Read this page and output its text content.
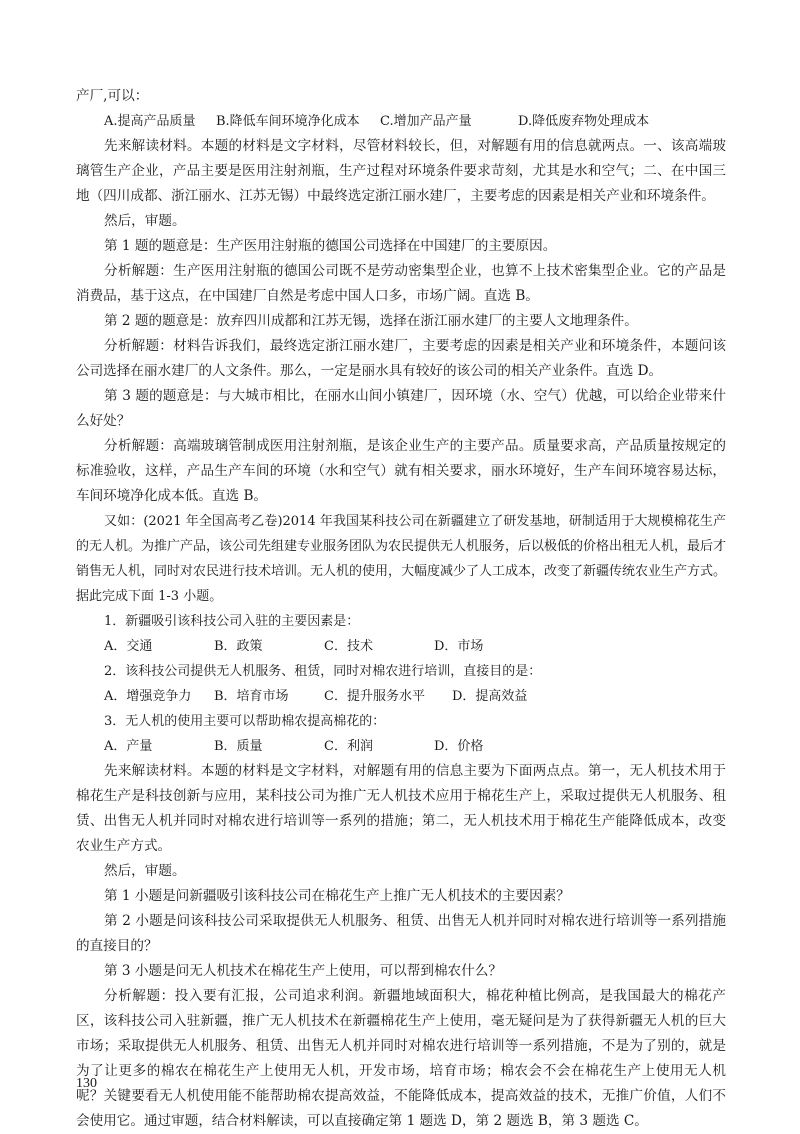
产厂,可以：

A.提高产品质量	B.降低车间环境净化成本	C.增加产品产量	D.降低废弃物处理成本

先来解读材料。本题的材料是文字材料，尽管材料较长，但，对解题有用的信息就两点。一、该高端玻璃管生产企业，产品主要是医用注射剂瓶，生产过程对环境条件要求苛刻，尤其是水和空气；二、在中国三地（四川成都、浙江丽水、江苏无锡）中最终选定浙江丽水建厂，主要考虑的因素是相关产业和环境条件。

然后，审题。

第 1 题的题意是：生产医用注射瓶的德国公司选择在中国建厂的主要原因。

分析解题：生产医用注射瓶的德国公司既不是劳动密集型企业，也算不上技术密集型企业。它的产品是消费品，基于这点，在中国建厂自然是考虑中国人口多，市场广阔。直选 B。

第 2 题的题意是：放弃四川成都和江苏无锡，选择在浙江丽水建厂的主要人文地理条件。

分析解题：材料告诉我们，最终选定浙江丽水建厂，主要考虑的因素是相关产业和环境条件，本题问该公司选择在丽水建厂的人文条件。那么，一定是丽水具有较好的该公司的相关产业条件。直选 D。

第 3 题的题意是：与大城市相比，在丽水山间小镇建厂，因环境（水、空气）优越，可以给企业带来什么好处？

分析解题：高端玻璃管制成医用注射剂瓶，是该企业生产的主要产品。质量要求高，产品质量按规定的标准验收，这样，产品生产车间的环境（水和空气）就有相关要求，丽水环境好，生产车间环境容易达标，车间环境净化成本低。直选 B。

又如：(2021 年全国高考乙卷)2014 年我国某科技公司在新疆建立了研发基地，研制适用于大规模棉花生产的无人机。为推广产品，该公司先组建专业服务团队为农民提供无人机服务，后以极低的价格出租无人机，最后才销售无人机，同时对农民进行技术培训。无人机的使用，大幅度减少了人工成本，改变了新疆传统农业生产方式。据此完成下面 1-3 小题。

1．新疆吸引该科技公司入驻的主要因素是：

A．交通	B．政策	C．技术	D．市场

2．该科技公司提供无人机服务、租赁，同时对棉农进行培训，直接目的是：

A．增强竞争力	B．培育市场	C．提升服务水平	D．提高效益

3．无人机的使用主要可以帮助棉农提高棉花的：

A．产量	B．质量	C．利润	D．价格

先来解读材料。本题的材料是文字材料，对解题有用的信息主要为下面两点点。第一，无人机技术用于棉花生产是科技创新与应用，某科技公司为推广无人机技术应用于棉花生产上，采取过提供无人机服务、租赁、出售无人机并同时对棉农进行培训等一系列的措施；第二，无人机技术用于棉花生产能降低成本，改变农业生产方式。

然后，审题。

第 1 小题是问新疆吸引该科技公司在棉花生产上推广无人机技术的主要因素？

第 2 小题是问该科技公司采取提供无人机服务、租赁、出售无人机并同时对棉农进行培训等一系列措施的直接目的？

第 3 小题是问无人机技术在棉花生产上使用，可以帮到棉农什么？

分析解题：投入要有汇报，公司追求利润。新疆地域面积大，棉花种植比例高，是我国最大的棉花产区，该科技公司入驻新疆，推广无人机技术在新疆棉花生产上使用，毫无疑问是为了获得新疆无人机的巨大市场；采取提供无人机服务、租赁、出售无人机并同时对棉农进行培训等一系列措施，不是为了别的，就是为了让更多的棉农在棉花生产上使用无人机，开发市场，培育市场；棉农会不会在棉花生产上使用无人机呢？关键要看无人机使用能不能帮助棉农提高效益，不能降低成本，提高效益的技术，无推广价值，人们不会使用它。通过审题，结合材料解读，可以直接确定第 1 题选 D，第 2 题选 B，第 3 题选 C。

130
